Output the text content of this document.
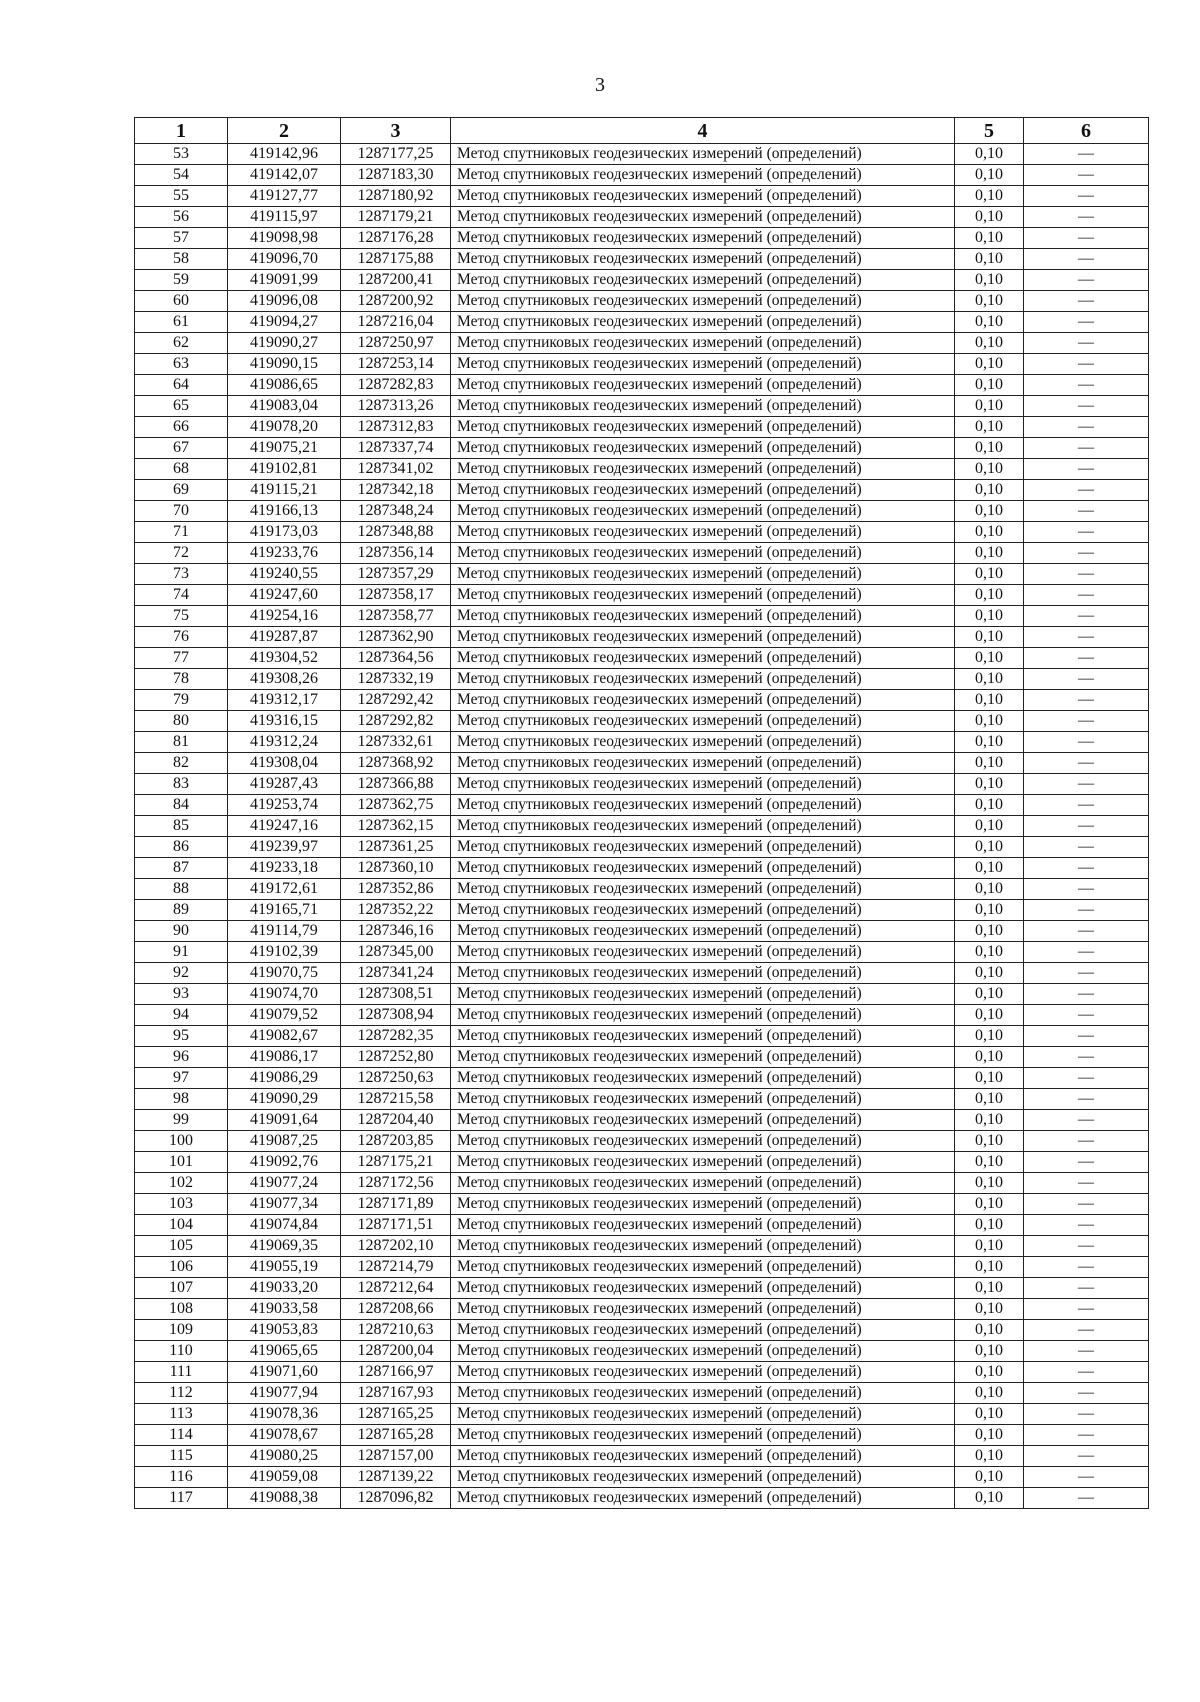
3
1	2	3	4	5	6
53	419142,96	1287177,25	Метод спутниковых геодезических измерений (определений)	0,10	—
54	419142,07	1287183,30	Метод спутниковых геодезических измерений (определений)	0,10	—
55	419127,77	1287180,92	Метод спутниковых геодезических измерений (определений)	0,10	—
56	419115,97	1287179,21	Метод спутниковых геодезических измерений (определений)	0,10	—
57	419098,98	1287176,28	Метод спутниковых геодезических измерений (определений)	0,10	—
58	419096,70	1287175,88	Метод спутниковых геодезических измерений (определений)	0,10	—
59	419091,99	1287200,41	Метод спутниковых геодезических измерений (определений)	0,10	—
60	419096,08	1287200,92	Метод спутниковых геодезических измерений (определений)	0,10	—
61	419094,27	1287216,04	Метод спутниковых геодезических измерений (определений)	0,10	—
62	419090,27	1287250,97	Метод спутниковых геодезических измерений (определений)	0,10	—
63	419090,15	1287253,14	Метод спутниковых геодезических измерений (определений)	0,10	—
64	419086,65	1287282,83	Метод спутниковых геодезических измерений (определений)	0,10	—
65	419083,04	1287313,26	Метод спутниковых геодезических измерений (определений)	0,10	—
66	419078,20	1287312,83	Метод спутниковых геодезических измерений (определений)	0,10	—
67	419075,21	1287337,74	Метод спутниковых геодезических измерений (определений)	0,10	—
68	419102,81	1287341,02	Метод спутниковых геодезических измерений (определений)	0,10	—
69	419115,21	1287342,18	Метод спутниковых геодезических измерений (определений)	0,10	—
70	419166,13	1287348,24	Метод спутниковых геодезических измерений (определений)	0,10	—
71	419173,03	1287348,88	Метод спутниковых геодезических измерений (определений)	0,10	—
72	419233,76	1287356,14	Метод спутниковых геодезических измерений (определений)	0,10	—
73	419240,55	1287357,29	Метод спутниковых геодезических измерений (определений)	0,10	—
74	419247,60	1287358,17	Метод спутниковых геодезических измерений (определений)	0,10	—
75	419254,16	1287358,77	Метод спутниковых геодезических измерений (определений)	0,10	—
76	419287,87	1287362,90	Метод спутниковых геодезических измерений (определений)	0,10	—
77	419304,52	1287364,56	Метод спутниковых геодезических измерений (определений)	0,10	—
78	419308,26	1287332,19	Метод спутниковых геодезических измерений (определений)	0,10	—
79	419312,17	1287292,42	Метод спутниковых геодезических измерений (определений)	0,10	—
80	419316,15	1287292,82	Метод спутниковых геодезических измерений (определений)	0,10	—
81	419312,24	1287332,61	Метод спутниковых геодезических измерений (определений)	0,10	—
82	419308,04	1287368,92	Метод спутниковых геодезических измерений (определений)	0,10	—
83	419287,43	1287366,88	Метод спутниковых геодезических измерений (определений)	0,10	—
84	419253,74	1287362,75	Метод спутниковых геодезических измерений (определений)	0,10	—
85	419247,16	1287362,15	Метод спутниковых геодезических измерений (определений)	0,10	—
86	419239,97	1287361,25	Метод спутниковых геодезических измерений (определений)	0,10	—
87	419233,18	1287360,10	Метод спутниковых геодезических измерений (определений)	0,10	—
88	419172,61	1287352,86	Метод спутниковых геодезических измерений (определений)	0,10	—
89	419165,71	1287352,22	Метод спутниковых геодезических измерений (определений)	0,10	—
90	419114,79	1287346,16	Метод спутниковых геодезических измерений (определений)	0,10	—
91	419102,39	1287345,00	Метод спутниковых геодезических измерений (определений)	0,10	—
92	419070,75	1287341,24	Метод спутниковых геодезических измерений (определений)	0,10	—
93	419074,70	1287308,51	Метод спутниковых геодезических измерений (определений)	0,10	—
94	419079,52	1287308,94	Метод спутниковых геодезических измерений (определений)	0,10	—
95	419082,67	1287282,35	Метод спутниковых геодезических измерений (определений)	0,10	—
96	419086,17	1287252,80	Метод спутниковых геодезических измерений (определений)	0,10	—
97	419086,29	1287250,63	Метод спутниковых геодезических измерений (определений)	0,10	—
98	419090,29	1287215,58	Метод спутниковых геодезических измерений (определений)	0,10	—
99	419091,64	1287204,40	Метод спутниковых геодезических измерений (определений)	0,10	—
100	419087,25	1287203,85	Метод спутниковых геодезических измерений (определений)	0,10	—
101	419092,76	1287175,21	Метод спутниковых геодезических измерений (определений)	0,10	—
102	419077,24	1287172,56	Метод спутниковых геодезических измерений (определений)	0,10	—
103	419077,34	1287171,89	Метод спутниковых геодезических измерений (определений)	0,10	—
104	419074,84	1287171,51	Метод спутниковых геодезических измерений (определений)	0,10	—
105	419069,35	1287202,10	Метод спутниковых геодезических измерений (определений)	0,10	—
106	419055,19	1287214,79	Метод спутниковых геодезических измерений (определений)	0,10	—
107	419033,20	1287212,64	Метод спутниковых геодезических измерений (определений)	0,10	—
108	419033,58	1287208,66	Метод спутниковых геодезических измерений (определений)	0,10	—
109	419053,83	1287210,63	Метод спутниковых геодезических измерений (определений)	0,10	—
110	419065,65	1287200,04	Метод спутниковых геодезических измерений (определений)	0,10	—
111	419071,60	1287166,97	Метод спутниковых геодезических измерений (определений)	0,10	—
112	419077,94	1287167,93	Метод спутниковых геодезических измерений (определений)	0,10	—
113	419078,36	1287165,25	Метод спутниковых геодезических измерений (определений)	0,10	—
114	419078,67	1287165,28	Метод спутниковых геодезических измерений (определений)	0,10	—
115	419080,25	1287157,00	Метод спутниковых геодезических измерений (определений)	0,10	—
116	419059,08	1287139,22	Метод спутниковых геодезических измерений (определений)	0,10	—
117	419088,38	1287096,82	Метод спутниковых геодезических измерений (определений)	0,10	—
